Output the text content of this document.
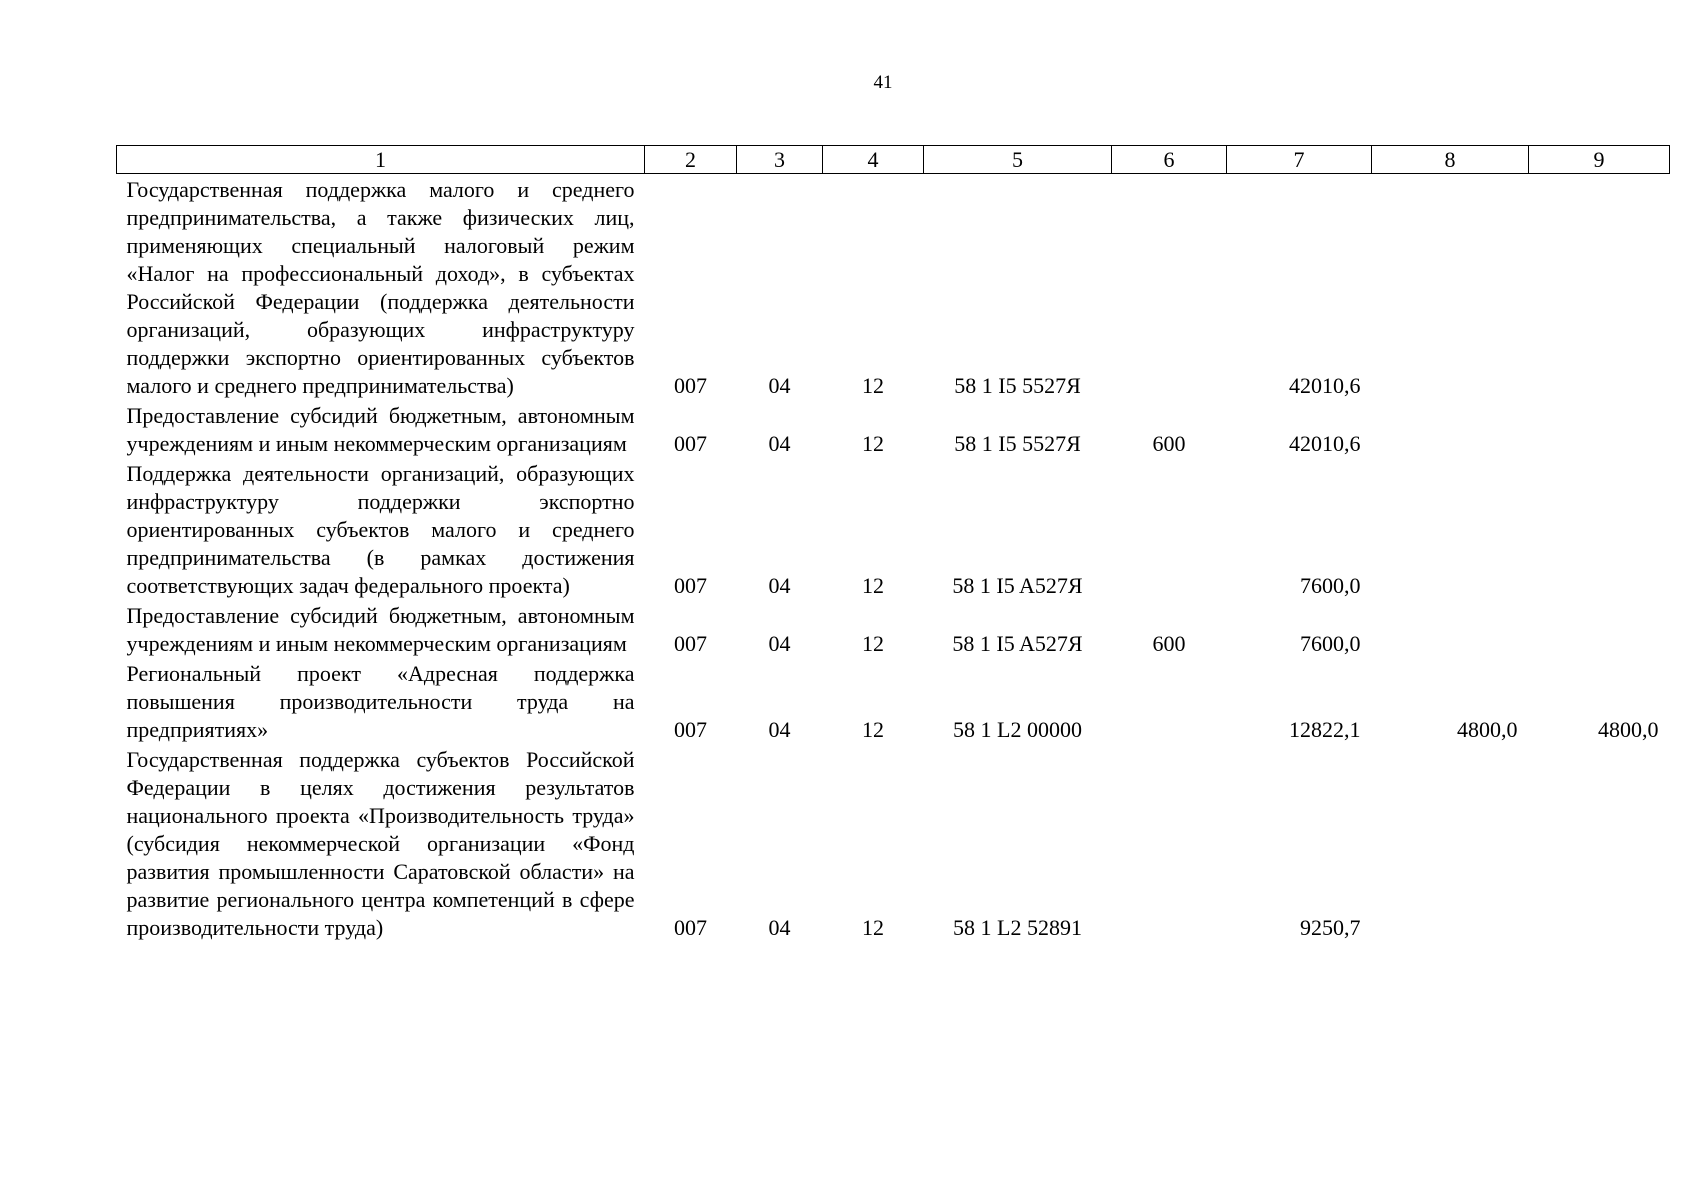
41
1	2	3	4	5	6	7	8	9
Государственная поддержка малого и среднего предпринимательства, а также физических лиц, применяющих специальный налоговый режим «Налог на профессиональный доход», в субъектах Российской Федерации (поддержка деятельности организаций, образующих инфраструктуру поддержки экспортно ориентированных субъектов малого и среднего предпринимательства)	007	04	12	58 1 I5 5527Я		42010,6		
Предоставление субсидий бюджетным, автономным учреждениям и иным некоммерческим организациям	007	04	12	58 1 I5 5527Я	600	42010,6		
Поддержка деятельности организаций, образующих инфраструктуру поддержки экспортно ориентированных субъектов малого и среднего предпринимательства (в рамках достижения соответствующих задач федерального проекта)	007	04	12	58 1 I5 A527Я		7600,0		
Предоставление субсидий бюджетным, автономным учреждениям и иным некоммерческим организациям	007	04	12	58 1 I5 A527Я	600	7600,0		
Региональный проект «Адресная поддержка повышения производительности труда на предприятиях»	007	04	12	58 1 L2 00000		12822,1	4800,0	4800,0
Государственная поддержка субъектов Российской Федерации в целях достижения результатов национального проекта «Производительность труда» (субсидия некоммерческой организации «Фонд развития промышленности Саратовской области» на развитие регионального центра компетенций в сфере производительности труда)	007	04	12	58 1 L2 52891		9250,7		
